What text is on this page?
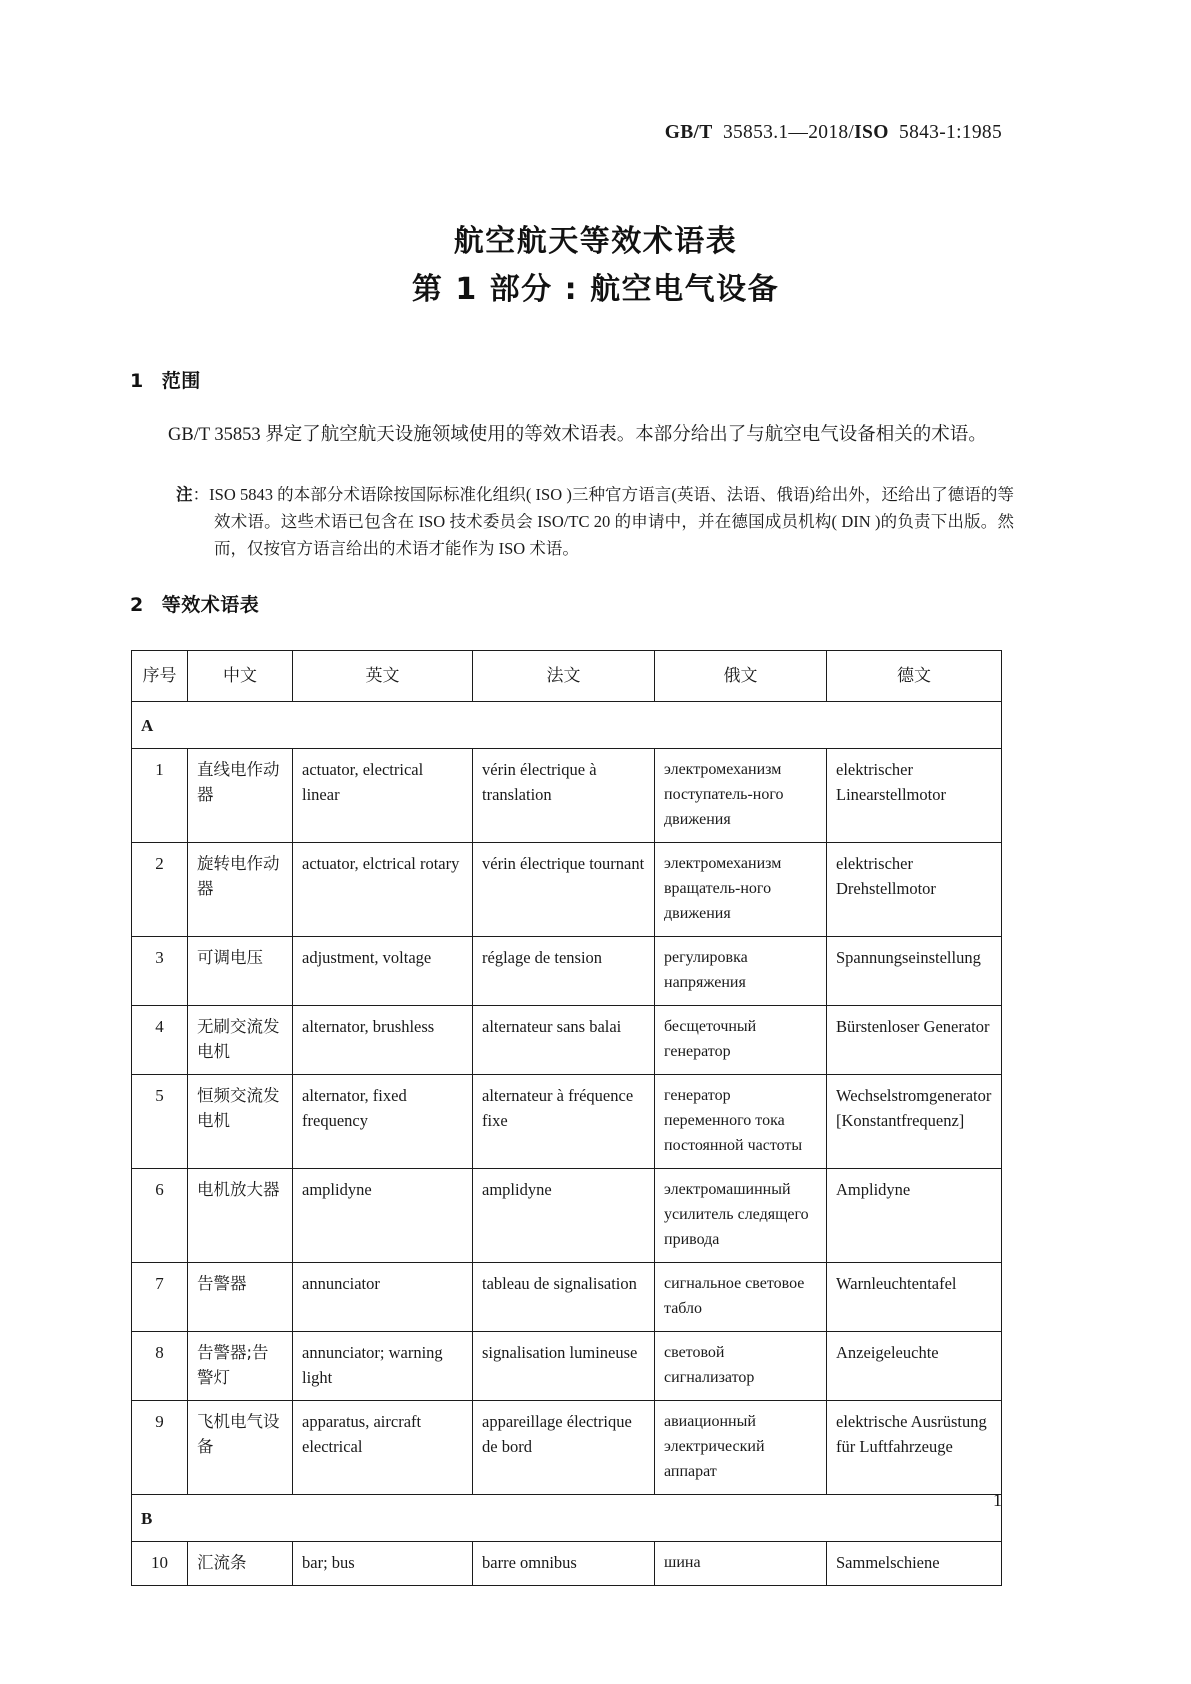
GB/T 35853.1—2018/ISO 5843-1:1985
航空航天等效术语表
第 1 部分 : 航空电气设备
1 范围
GB/T 35853 界定了航空航天设施领域使用的等效术语表。本部分给出了与航空电气设备相关的术语。
注：ISO 5843 的本部分术语除按国际标准化组织( ISO )三种官方语言(英语、法语、俄语)给出外，还给出了德语的等效术语。这些术语已包含在 ISO 技术委员会 ISO/TC 20 的申请中，并在德国成员机构( DIN )的负责下出版。然而，仅按官方语言给出的术语才能作为 ISO 术语。
2 等效术语表
序号	中文	英文	法文	俄文	德文
A					
1	直线电作动器	actuator, electrical linear	vérin électrique à translation	электромеханизм поступатель-ного движения	elektrischer Linearstellmotor
2	旋转电作动器	actuator, elctrical rotary	vérin électrique tournant	электромеханизм вращатель-ного движения	elektrischer Drehstellmotor
3	可调电压	adjustment, voltage	réglage de tension	регулировка напряжения	Spannungseinstellung
4	无刷交流发电机	alternator, brushless	alternateur sans balai	бесщеточный генератор	Bürstenloser Generator
5	恒频交流发电机	alternator, fixed frequency	alternateur à fréquence fixe	генератор переменного тока постоянной частоты	Wechselstromgenerator [Konstantfrequenz]
6	电机放大器	amplidyne	amplidyne	электромашинный усилитель следящего привода	Amplidyne
7	告警器	annunciator	tableau de signalisation	сигнальное световое табло	Warnleuchtentafel
8	告警器;告警灯	annunciator; warning light	signalisation lumineuse	световой сигнализатор	Anzeigeleuchte
9	飞机电气设备	apparatus, aircraft electrical	appareillage électrique de bord	авиационный электрический аппарат	elektrische Ausrüstung für Luftfahrzeuge
B					
10	汇流条	bar; bus	barre omnibus	шина	Sammelschiene
1
